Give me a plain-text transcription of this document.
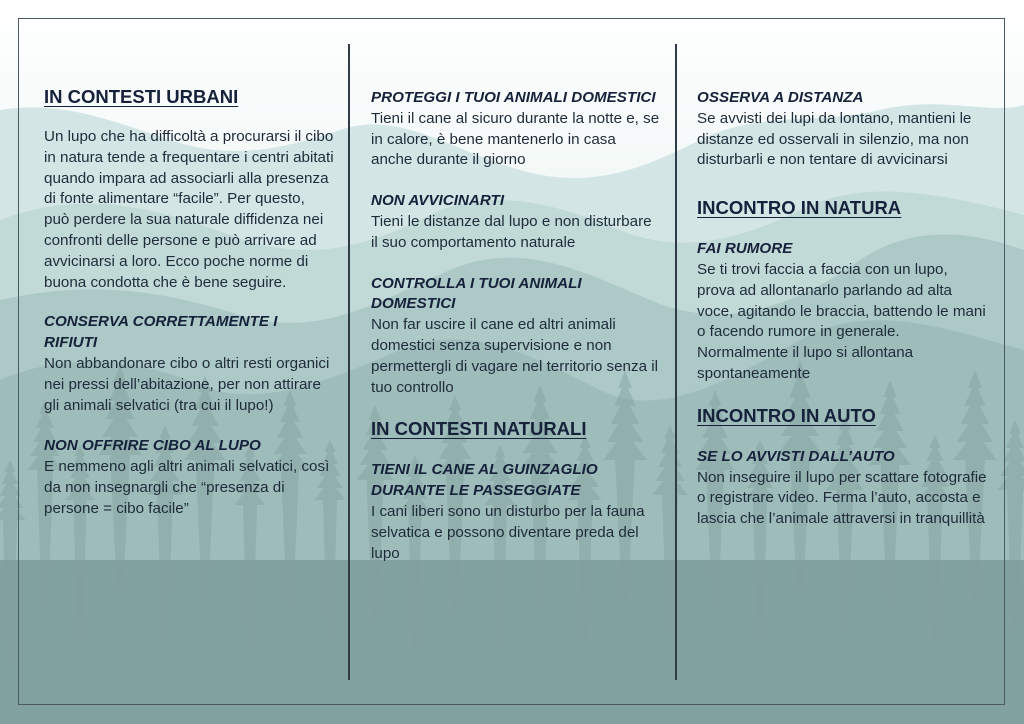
IN CONTESTI URBANI

Un lupo che ha difficoltà a procurarsi il cibo in natura tende a frequentare i centri abitati quando impara ad associarli alla presenza di fonte alimentare “facile”. Per questo, può perdere la sua naturale diffidenza nei confronti delle persone e può arrivare ad avvicinarsi a loro. Ecco poche norme di buona condotta che è bene seguire.

CONSERVA CORRETTAMENTE I RIFIUTI

Non abbandonare cibo o altri resti organici nei pressi dell’abitazione, per non attirare gli animali selvatici (tra cui il lupo!)

NON OFFRIRE CIBO AL LUPO

E nemmeno agli altri animali selvatici, così da non insegnargli che “presenza di persone = cibo facile”

PROTEGGI I TUOI ANIMALI DOMESTICI

Tieni il cane al sicuro durante la notte e, se in calore, è bene mantenerlo in casa anche durante il giorno

NON AVVICINARTI

Tieni le distanze dal lupo e non disturbare il suo comportamento naturale

CONTROLLA I TUOI ANIMALI DOMESTICI

Non far uscire il cane ed altri animali domestici senza supervisione e non permettergli di vagare nel territorio senza il tuo controllo

IN CONTESTI NATURALI

TIENI IL CANE AL GUINZAGLIO DURANTE LE PASSEGGIATE

I cani liberi sono un disturbo per la fauna selvatica e possono diventare preda del lupo

OSSERVA A DISTANZA

Se avvisti dei lupi da lontano, mantieni le distanze ed osservali in silenzio, ma non disturbarli e non tentare di avvicinarsi

INCONTRO IN NATURA

FAI RUMORE

Se ti trovi faccia a faccia con un lupo, prova ad allontanarlo parlando ad alta voce, agitando le braccia, battendo le mani o facendo rumore in generale. Normalmente il lupo si allontana spontaneamente

INCONTRO IN AUTO

SE LO AVVISTI DALL’AUTO

Non inseguire il lupo per scattare fotografie o registrare video. Ferma l’auto, accosta e lascia che l’animale attraversi in tranquillità
